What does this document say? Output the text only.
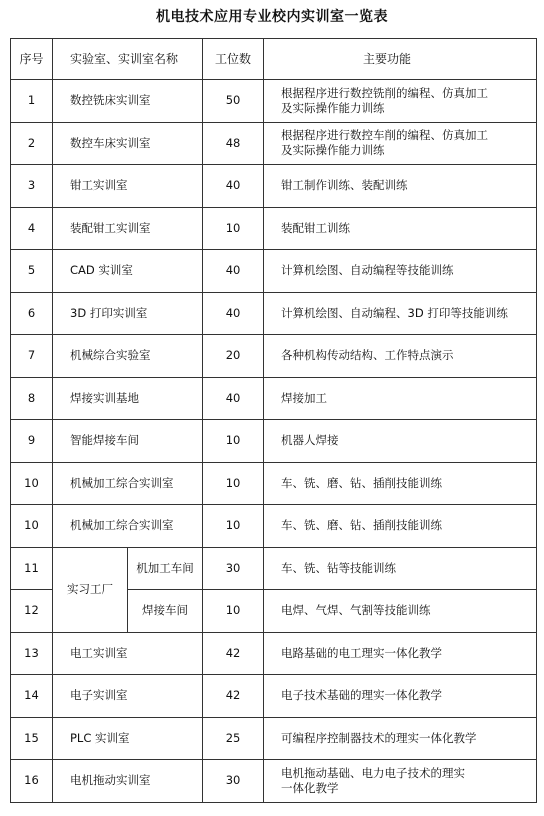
机电技术应用专业校内实训室一览表
序号	实验室、实训室名称		工位数	主要功能
1	数控铣床实训室		50	根据程序进行数控铣削的编程、仿真加工
及实际操作能力训练

2	数控车床实训室		48	根据程序进行数控车削的编程、仿真加工
及实际操作能力训练

3	钳工实训室		40	钳工制作训练、装配训练

4	装配钳工实训室		10	装配钳工训练

5	CAD 实训室		40	计算机绘图、自动编程等技能训练

6	3D 打印实训室		40	计算机绘图、自动编程、3D 打印等技能训练

7	机械综合实验室		20	各种机构传动结构、工作特点演示

8	焊接实训基地		40	焊接加工

9	智能焊接车间		10	机器人焊接

10	机械加工综合实训室		10	车、铣、磨、钻、插削技能训练

10	机械加工综合实训室		10	车、铣、磨、钻、插削技能训练

11	实习工厂	机加工车间	30	车、铣、钻等技能训练
12		焊接车间	10	电焊、气焊、气割等技能训练
13	电工实训室		42	电路基础的电工理实一体化教学

14	电子实训室		42	电子技术基础的理实一体化教学

15	PLC 实训室		25	可编程序控制器技术的理实一体化教学

16	电机拖动实训室		30	电机拖动基础、电力电子技术的理实
一体化教学
